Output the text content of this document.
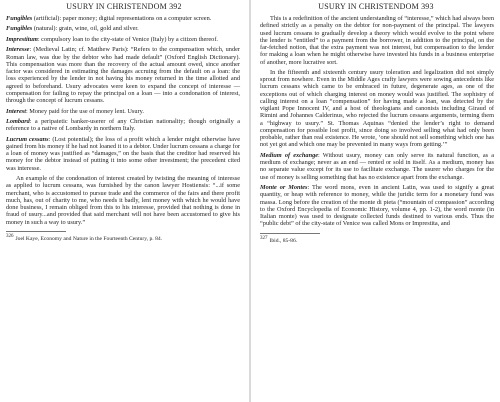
USURY IN CHRISTENDOM 392

Fungibles (artificial): paper money; digital representations on a computer screen.

Fungibles (natural): grain, wine, oil, gold and silver.

Imprestitum: compulsory loan to the city-state of Venice (Italy) by a citizen thereof.

Interesse: (Medieval Latin; cf. Matthew Paris): “Refers to the compensation which, under Roman law, was due by the debtor who had made default” (Oxford English Dictionary). This compensation was more than the recovery of the actual amount owed, since another factor was considered in estimating the damages accruing from the default on a loan: the loss experienced by the lender in not having his money returned in the time allotted and agreed to beforehand. Usury advocates were keen to expand the concept of interesse — compensation for failing to repay the principal on a loan — into a condonation of interest, through the concept of lucrum cessans.

Interest: Money paid for the use of money lent. Usury.

Lombard: a peripatetic banker-userer of any Christian nationality; though originally a reference to a native of Lombardy in northern Italy.

Lucrum cessans: (Lost potential); the loss of a profit which a lender might otherwise have gained from his money if he had not loaned it to a debtor. Under lucrum cessans a charge for a loan of money was justified as “damages,” on the basis that the creditor had reserved his money for the debtor instead of putting it into some other investment; the precedent cited was interesse.

An example of the condonation of interest created by twisting the meaning of interesse as applied to lucrum cessans, was furnished by the canon lawyer Hostiensis: “...if some merchant, who is accustomed to pursue trade and the commerce of the fairs and there profit much, has, out of charity to me, who needs it badly, lent money with which he would have done business, I remain obliged from this to his interesse, provided that nothing is done in fraud of usury...and provided that said merchant will not have been accustomed to give his money in such a way to usury.”

326 Joel Kaye, Economy and Nature in the Fourteenth Century, p. 84.

USURY IN CHRISTENDOM 393

This is a redefinition of the ancient understanding of “interesse,” which had always been defined strictly as a penalty on the debtor for non-payment of the principal. The lawyers used lucrum cessans to gradually develop a theory which would evolve to the point where the lender is “entitled” to a payment from the borrower, in addition to the principal, on the far-fetched notion, that the extra payment was not interest, but compensation to the lender for making a loan when he might otherwise have invested his funds in a business enterprise of another, more lucrative sort.

In the fifteenth and sixteenth century usury toleration and legalization did not simply sprout from nowhere. Even in the Middle Ages crafty lawyers were sowing antecedents like lucrum cessans which came to be embraced in future, degenerate ages, as one of the exceptions out of which charging interest on money would was justified. The sophistry of calling interest on a loan “compensation” for having made a loan, was detected by the vigilant Pope Innocent IV, and a host of theologians and canonists including Giraud of Rimini and Johannes Calderinus, who rejected the lucrum cessans arguments, terming them a “highway to usury.” St. Thomas Aquinas “denied the lender’s right to demand compensation for possible lost profit, since doing so involved selling what had only been probable, rather than real existence. He wrote, ‘one should not sell something which one has not yet got and which one may be prevented in many ways from getting.’”

Medium of exchange: Without usury, money can only serve its natural function, as a medium of exchange; never as an end — rented or sold in itself. As a medium, money has no separate value except for its use to facilitate exchange. The usurer who charges for the use of money is selling something that has no existence apart from the exchange.

Monte or Montes: The word mons, even in ancient Latin, was used to signify a great quantity, or heap with reference to money, while the juridic term for a monetary fund was massa. Long before the creation of the monte di pieta (“mountain of compassion” according to the Oxford Encyclopedia of Economic History, volume 4, pp. 1-2), the word monte (in Italian monte) was used to designate collected funds destined to various ends. Thus the “public debt” of the city-state of Venice was called Mons or Imprestita, and

327 Ibid., 85-86.
